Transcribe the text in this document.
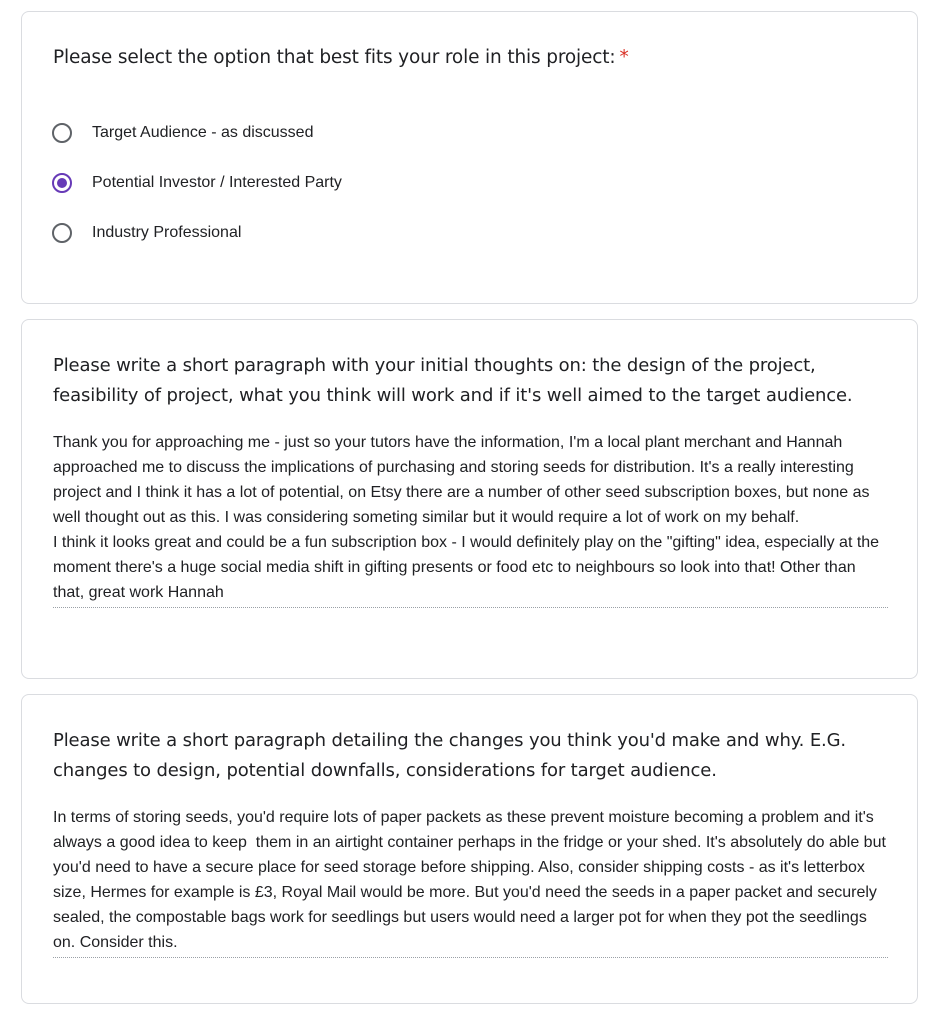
Please select the option that best fits your role in this project: *
Target Audience - as discussed
Potential Investor / Interested Party
Industry Professional
Please write a short paragraph with your initial thoughts on: the design of the project, feasibility of project, what you think will work and if it's well aimed to the target audience.
Thank you for approaching me - just so your tutors have the information, I'm a local plant merchant and Hannah approached me to discuss the implications of purchasing and storing seeds for distribution. It's a really interesting project and I think it has a lot of potential, on Etsy there are a number of other seed subscription boxes, but none as well thought out as this. I was considering someting similar but it would require a lot of work on my behalf.
I think it looks great and could be a fun subscription box - I would definitely play on the "gifting" idea, especially at the moment there's a huge social media shift in gifting presents or food etc to neighbours so look into that! Other than that, great work Hannah
Please write a short paragraph detailing the changes you think you'd make and why. E.G. changes to design, potential downfalls, considerations for target audience.
In terms of storing seeds, you'd require lots of paper packets as these prevent moisture becoming a problem and it's always a good idea to keep  them in an airtight container perhaps in the fridge or your shed. It's absolutely do able but you'd need to have a secure place for seed storage before shipping. Also, consider shipping costs - as it's letterbox size, Hermes for example is £3, Royal Mail would be more. But you'd need the seeds in a paper packet and securely sealed, the compostable bags work for seedlings but users would need a larger pot for when they pot the seedlings on. Consider this.
